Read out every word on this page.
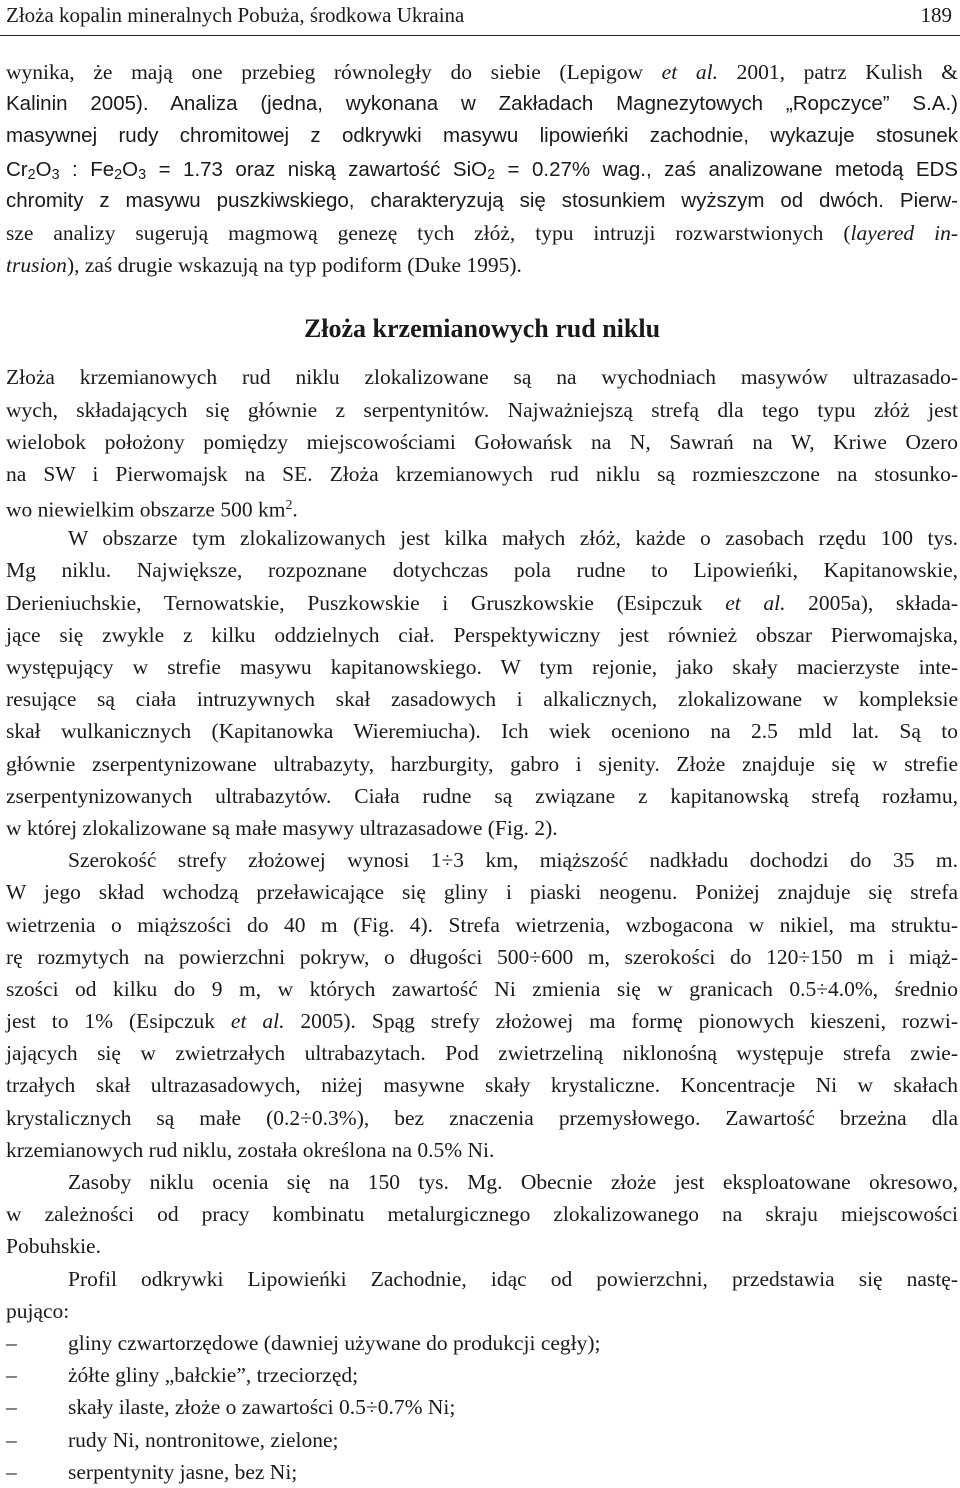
Złoża kopalin mineralnych Pobuża, środkowa Ukraina	189
wynika, że mają one przebieg równoległy do siebie (Lepigow et al. 2001, patrz Kulish &
Kalinin 2005). Analiza (jedna, wykonana w Zakładach Magnezytowych „Ropczyce” S.A.)
masywnej rudy chromitowej z odkrywki masywu lipowieńki zachodnie, wykazuje stosunek
$Cr_2O_3$ : $Fe_2O_3 = 1.73$ oraz niską zawartość SiO$_2$ = 0.27% wag., zaś analizowane metodą EDS
chromity z masywu puszkiwskiego, charakteryzują się stosunkiem wyższym od dwóch. Pierw-
sze analizy sugerują magmową genezę tych złóż, typu intruzji rozwarstwionych (layered in-
trusion), zaś drugie wskazują na typ podiform (Duke 1995).
Złoża krzemianowych rud niklu
Złoża krzemianowych rud niklu zlokalizowane są na wychodniach masywów ultrazasado-
wych, składających się głównie z serpentynitów. Najważniejszą strefą dla tego typu złóż jest
wielobok położony pomiędzy miejscowościami Gołowańsk na N, Sawrań na W, Kriwe Ozero
na SW i Pierwomajsk na SE. Złoża krzemianowych rud niklu są rozmieszczone na stosunko-
wo niewielkim obszarze 500 $km^2$.
W obszarze tym zlokalizowanych jest kilka małych złóż, każde o zasobach rzędu 100 tys.
Mg niklu. Największe, rozpoznane dotychczas pola rudne to Lipowieńki, Kapitanowskie,
Derieniuchskie, Ternowatskie, Puszkowskie i Gruszkowskie (Esipczuk et al. 2005a), składa-
jące się zwykle z kilku oddzielnych ciał. Perspektywiczny jest również obszar Pierwomajska,
występujący w strefie masywu kapitanowskiego. W tym rejonie, jako skały macierzyste inte-
resujące są ciała intruzywnych skał zasadowych i alkalicznych, zlokalizowane w kompleksie
skał wulkanicznych (Kapitanowka Wieremiucha). Ich wiek oceniono na 2.5 mld lat. Są to
głównie zserpentynizowane ultrabazyty, harzburgity, gabro i sjenity. Złoże znajduje się w strefie
zserpentynizowanych ultrabazytów. Ciała rudne są związane z kapitanowską strefą rozłamu,
w której zlokalizowane są małe masywy ultrazasadowe (Fig. 2).
Szerokość strefy złożowej wynosi 1÷3 km, miąższość nadkładu dochodzi do 35 m.
W jego skład wchodzą przeławicające się gliny i piaski neogenu. Poniżej znajduje się strefa
wietrzenia o miąższości do 40 m (Fig. 4). Strefa wietrzenia, wzbogacona w nikiel, ma struktu-
rę rozmytych na powierzchni pokryw, o długości 500÷600 m, szerokości do 120÷150 m i miąż-
szości od kilku do 9 m, w których zawartość Ni zmienia się w granicach 0.5÷4.0%, średnio
jest to 1% (Esipczuk et al. 2005). Spąg strefy złożowej ma formę pionowych kieszeni, rozwi-
jających się w zwietrzałych ultrabazytach. Pod zwietrzeliną niklonośną występuje strefa zwie-
trzałych skał ultrazasadowych, niżej masywne skały krystaliczne. Koncentracje Ni w skałach
krystalicznych są małe (0.2÷0.3%), bez znaczenia przemysłowego. Zawartość brzeżna dla
krzemianowych rud niklu, została określona na 0.5% Ni.
Zasoby niklu ocenia się na 150 tys. Mg. Obecnie złoże jest eksploatowane okresowo,
w zależności od pracy kombinatu metalurgicznego zlokalizowanego na skraju miejscowości
Pobuhskie.
Profil odkrywki Lipowieńki Zachodnie, idąc od powierzchni, przedstawia się nastę-
pująco:
– gliny czwartorzędowe (dawniej używane do produkcji cegły);
– żółte gliny „bałckie”, trzeciorzęd;
– skały ilaste, złoże o zawartości 0.5÷0.7% Ni;
– rudy Ni, nontronitowe, zielone;
– serpentynity jasne, bez Ni;
